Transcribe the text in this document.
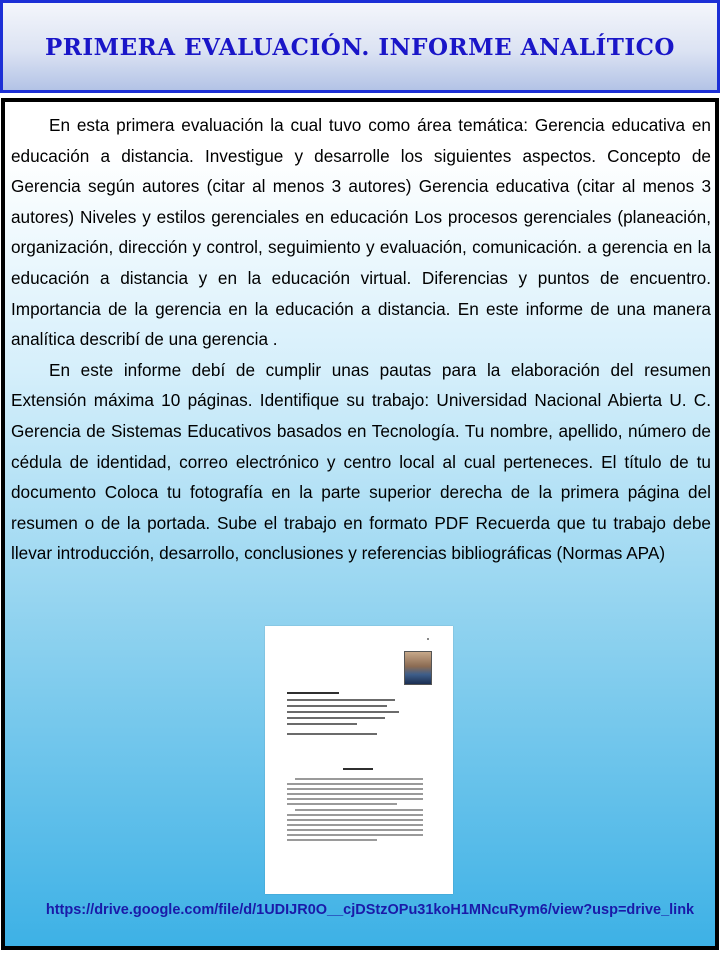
PRIMERA EVALUACIÓN. INFORME ANALÍTICO

En esta primera evaluación la cual tuvo como área temática: Gerencia educativa en educación a distancia. Investigue y desarrolle los siguientes aspectos. Concepto de Gerencia según autores (citar al menos 3 autores) Gerencia educativa (citar al menos 3 autores) Niveles y estilos gerenciales en educación Los procesos gerenciales (planeación, organización, dirección y control, seguimiento y evaluación, comunicación. a gerencia en la educación a distancia y en la educación virtual. Diferencias y puntos de encuentro. Importancia de la gerencia en la educación a distancia. En este informe de una manera analítica describí de una gerencia .

En este informe debí de cumplir unas pautas para la elaboración del resumen Extensión máxima 10 páginas. Identifique su trabajo: Universidad Nacional Abierta U. C. Gerencia de Sistemas Educativos basados en Tecnología. Tu nombre, apellido, número de cédula de identidad, correo electrónico y centro local al cual perteneces. El título de tu documento Coloca tu fotografía en la parte superior derecha de la primera página del resumen o de la portada. Sube el trabajo en formato PDF Recuerda que tu trabajo debe llevar introducción, desarrollo, conclusiones y referencias bibliográficas (Normas APA)

https://drive.google.com/file/d/1UDIJR0O__cjDStzOPu31koH1MNcuRym6/view?usp=drive_link
